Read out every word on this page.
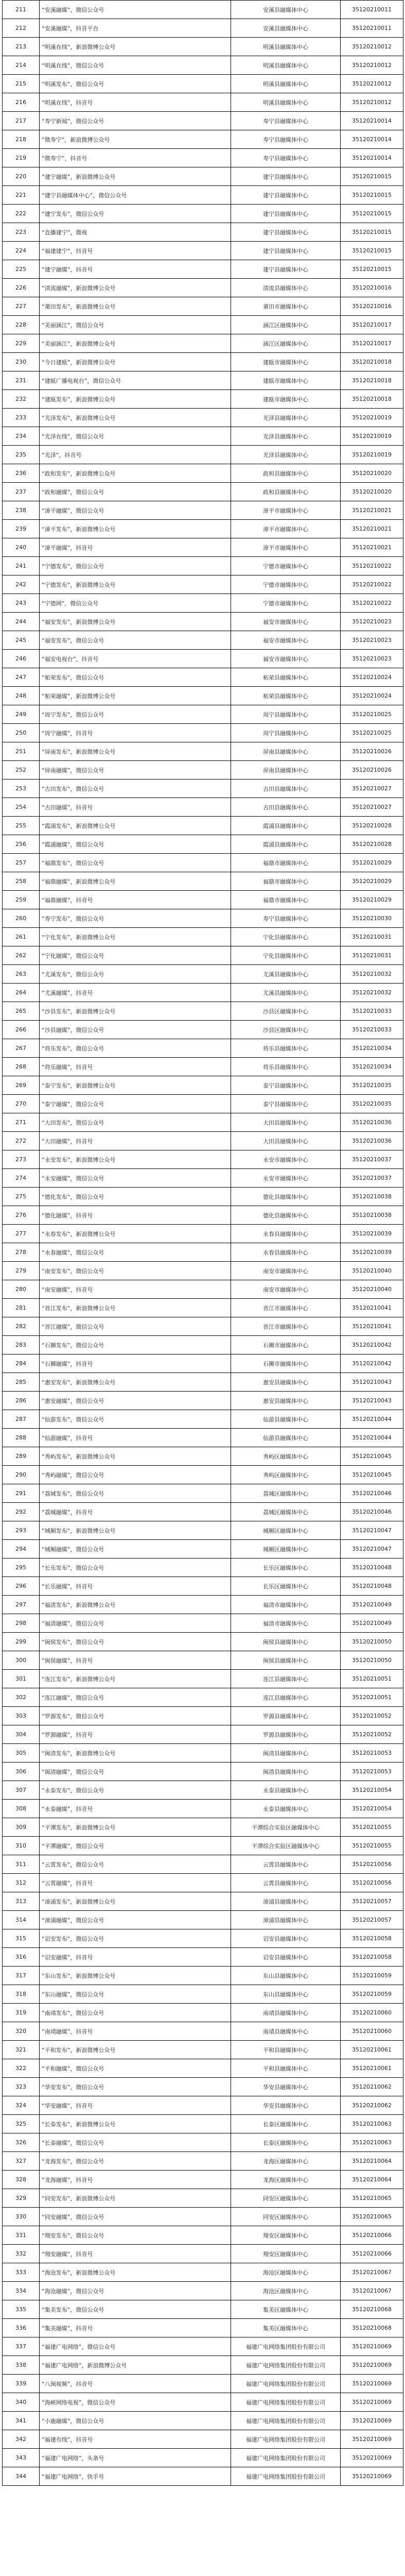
211	“安溪融媒”，微信公众号	安溪县融媒体中心	35120210011
212	“安溪融媒”，抖音平台	安溪县融媒体中心	35120210011
213	“明溪在线”，新浪微博公众号	明溪县融媒体中心	35120210012
214	“明溪在线”，微信公众号	明溪县融媒体中心	35120210012
215	“明溪发布”，微信公众号	明溪县融媒体中心	35120210012
216	“明溪在线”，抖音号	明溪县融媒体中心	35120210012
217	“寿宁新闻”，微信公众号	寿宁县融媒体中心	35120210014
218	“微寿宁”，新浪微博公众号	寿宁县融媒体中心	35120210014
219	“微寿宁”，抖音号	寿宁县融媒体中心	35120210014
220	“建宁融媒”，新浪微博公众号	建宁县融媒体中心	35120210015
221	“建宁县融媒体中心”，微信公众号	建宁县融媒体中心	35120210015
222	“建宁发布”，微信公众号	建宁县融媒体中心	35120210015
223	“直播建宁”，微视	建宁县融媒体中心	35120210015
224	“福建建宁”，抖音号	建宁县融媒体中心	35120210015
225	“建宁融媒”，抖音号	建宁县融媒体中心	35120210015
226	“清流融媒”，新浪微博公众号	清流县融媒体中心	35120210016
227	“莆田发布”，新浪微博公众号	莆田市融媒体中心	35120210016
228	“美丽涵江”，微信公众号	涵江区融媒体中心	35120210017
229	“美丽涵江”，新浪微博公众号	涵江区融媒体中心	35120210017
230	“今日建瓯”，新浪微博公众号	建瓯市融媒体中心	35120210018
231	“建瓯广播电视台”，微信公众号	建瓯市融媒体中心	35120210018
232	“建瓯发布”，新浪微博公众号	建瓯市融媒体中心	35120210018
233	“光泽发布”，新浪微博公众号	光泽县融媒体中心	35120210019
234	“光泽在线”，微信公众号	光泽县融媒体中心	35120210019
235	“光泽”，抖音号	光泽县融媒体中心	35120210019
236	“政和发布”，新浪微博公众号	政和县融媒体中心	35120210020
237	“政和融媒”，微信公众号	政和县融媒体中心	35120210020
238	“漳平融媒”，微信公众号	漳平市融媒体中心	35120210021
239	“漳平发布”，新浪微博公众号	漳平市融媒体中心	35120210021
240	“漳平融媒”，抖音号	漳平市融媒体中心	35120210021
241	“宁德发布”，微信公众号	宁德市融媒体中心	35120210022
242	“宁德发布”，新浪微博公众号	宁德市融媒体中心	35120210022
243	“宁德网”，微信公众号	宁德市融媒体中心	35120210022
244	“福安发布”，新浪微博公众号	福安市融媒体中心	35120210023
245	“福安发布”，微信公众号	福安市融媒体中心	35120210023
246	“福安电视台”，抖音号	福安市融媒体中心	35120210023
247	“柘荣发布”，微信公众号	柘荣县融媒体中心	35120210024
248	“柘荣融媒”，新浪微博公众号	柘荣县融媒体中心	35120210024
249	“周宁发布”，微信公众号	周宁县融媒体中心	35120210025
250	“周宁融媒”，抖音号	周宁县融媒体中心	35120210025
251	“屏南发布”，新浪微博公众号	屏南县融媒体中心	35120210026
252	“屏南融媒”，微信公众号	屏南县融媒体中心	35120210026
253	“古田发布”，微信公众号	古田县融媒体中心	35120210027
254	“古田融媒”，抖音号	古田县融媒体中心	35120210027
255	“霞浦发布”，新浪微博公众号	霞浦县融媒体中心	35120210028
256	“霞浦融媒”，微信公众号	霞浦县融媒体中心	35120210028
257	“福鼎发布”，微信公众号	福鼎市融媒体中心	35120210029
258	“福鼎融媒”，新浪微博公众号	福鼎市融媒体中心	35120210029
259	“福鼎融媒”，抖音号	福鼎市融媒体中心	35120210029
260	“寿宁发布”，微信公众号	寿宁县融媒体中心	35120210030
261	“宁化发布”，新浪微博公众号	宁化县融媒体中心	35120210031
262	“宁化融媒”，微信公众号	宁化县融媒体中心	35120210031
263	“尤溪发布”，微信公众号	尤溪县融媒体中心	35120210032
264	“尤溪融媒”，抖音号	尤溪县融媒体中心	35120210032
265	“沙县发布”，新浪微博公众号	沙县区融媒体中心	35120210033
266	“沙县融媒”，微信公众号	沙县区融媒体中心	35120210033
267	“将乐发布”，微信公众号	将乐县融媒体中心	35120210034
268	“将乐融媒”，抖音号	将乐县融媒体中心	35120210034
269	“泰宁发布”，新浪微博公众号	泰宁县融媒体中心	35120210035
270	“泰宁融媒”，微信公众号	泰宁县融媒体中心	35120210035
271	“大田发布”，微信公众号	大田县融媒体中心	35120210036
272	“大田融媒”，抖音号	大田县融媒体中心	35120210036
273	“永安发布”，新浪微博公众号	永安市融媒体中心	35120210037
274	“永安融媒”，微信公众号	永安市融媒体中心	35120210037
275	“德化发布”，微信公众号	德化县融媒体中心	35120210038
276	“德化融媒”，抖音号	德化县融媒体中心	35120210038
277	“永春发布”，新浪微博公众号	永春县融媒体中心	35120210039
278	“永春融媒”，微信公众号	永春县融媒体中心	35120210039
279	“南安发布”，微信公众号	南安市融媒体中心	35120210040
280	“南安融媒”，抖音号	南安市融媒体中心	35120210040
281	“晋江发布”，新浪微博公众号	晋江市融媒体中心	35120210041
282	“晋江融媒”，微信公众号	晋江市融媒体中心	35120210041
283	“石狮发布”，微信公众号	石狮市融媒体中心	35120210042
284	“石狮融媒”，抖音号	石狮市融媒体中心	35120210042
285	“惠安发布”，新浪微博公众号	惠安县融媒体中心	35120210043
286	“惠安融媒”，微信公众号	惠安县融媒体中心	35120210043
287	“仙游发布”，微信公众号	仙游县融媒体中心	35120210044
288	“仙游融媒”，抖音号	仙游县融媒体中心	35120210044
289	“秀屿发布”，新浪微博公众号	秀屿区融媒体中心	35120210045
290	“秀屿融媒”，微信公众号	秀屿区融媒体中心	35120210045
291	“荔城发布”，微信公众号	荔城区融媒体中心	35120210046
292	“荔城融媒”，抖音号	荔城区融媒体中心	35120210046
293	“城厢发布”，新浪微博公众号	城厢区融媒体中心	35120210047
294	“城厢融媒”，微信公众号	城厢区融媒体中心	35120210047
295	“长乐发布”，微信公众号	长乐区融媒体中心	35120210048
296	“长乐融媒”，抖音号	长乐区融媒体中心	35120210048
297	“福清发布”，新浪微博公众号	福清市融媒体中心	35120210049
298	“福清融媒”，微信公众号	福清市融媒体中心	35120210049
299	“闽侯发布”，微信公众号	闽侯县融媒体中心	35120210050
300	“闽侯融媒”，抖音号	闽侯县融媒体中心	35120210050
301	“连江发布”，新浪微博公众号	连江县融媒体中心	35120210051
302	“连江融媒”，微信公众号	连江县融媒体中心	35120210051
303	“罗源发布”，微信公众号	罗源县融媒体中心	35120210052
304	“罗源融媒”，抖音号	罗源县融媒体中心	35120210052
305	“闽清发布”，新浪微博公众号	闽清县融媒体中心	35120210053
306	“闽清融媒”，微信公众号	闽清县融媒体中心	35120210053
307	“永泰发布”，微信公众号	永泰县融媒体中心	35120210054
308	“永泰融媒”，抖音号	永泰县融媒体中心	35120210054
309	“平潭发布”，新浪微博公众号	平潭综合实验区融媒体中心	35120210055
310	“平潭融媒”，微信公众号	平潭综合实验区融媒体中心	35120210055
311	“云霄发布”，微信公众号	云霄县融媒体中心	35120210056
312	“云霄融媒”，抖音号	云霄县融媒体中心	35120210056
313	“漳浦发布”，新浪微博公众号	漳浦县融媒体中心	35120210057
314	“漳浦融媒”，微信公众号	漳浦县融媒体中心	35120210057
315	“诏安发布”，微信公众号	诏安县融媒体中心	35120210058
316	“诏安融媒”，抖音号	诏安县融媒体中心	35120210058
317	“东山发布”，新浪微博公众号	东山县融媒体中心	35120210059
318	“东山融媒”，微信公众号	东山县融媒体中心	35120210059
319	“南靖发布”，微信公众号	南靖县融媒体中心	35120210060
320	“南靖融媒”，抖音号	南靖县融媒体中心	35120210060
321	“平和发布”，新浪微博公众号	平和县融媒体中心	35120210061
322	“平和融媒”，微信公众号	平和县融媒体中心	35120210061
323	“华安发布”，微信公众号	华安县融媒体中心	35120210062
324	“华安融媒”，抖音号	华安县融媒体中心	35120210062
325	“长泰发布”，新浪微博公众号	长泰区融媒体中心	35120210063
326	“长泰融媒”，微信公众号	长泰区融媒体中心	35120210063
327	“龙海发布”，微信公众号	龙海区融媒体中心	35120210064
328	“龙海融媒”，抖音号	龙海区融媒体中心	35120210064
329	“同安发布”，新浪微博公众号	同安区融媒体中心	35120210065
330	“同安融媒”，微信公众号	同安区融媒体中心	35120210065
331	“翔安发布”，微信公众号	翔安区融媒体中心	35120210066
332	“翔安融媒”，抖音号	翔安区融媒体中心	35120210066
333	“海沧发布”，新浪微博公众号	海沧区融媒体中心	35120210067
334	“海沧融媒”，微信公众号	海沧区融媒体中心	35120210067
335	“集美发布”，微信公众号	集美区融媒体中心	35120210068
336	“集美融媒”，抖音号	集美区融媒体中心	35120210068
337	“福建广电网络”，微信公众号	福建广电网络集团股份有限公司	35120210069
338	“福建广电网络”，新浪微博公众号	福建广电网络集团股份有限公司	35120210069
339	“八闽视频”，抖音号	福建广电网络集团股份有限公司	35120210069
340	“海峡网络电视”，微信公众号	福建广电网络集团股份有限公司	35120210069
341	“小鹿融媒”，微信公众号	福建广电网络集团股份有限公司	35120210069
342	“福建有线”，抖音号	福建广电网络集团股份有限公司	35120210069
343	“福建广电网络”，头条号	福建广电网络集团股份有限公司	35120210069
344	“福建广电网络”，快手号	福建广电网络集团股份有限公司	35120210069
